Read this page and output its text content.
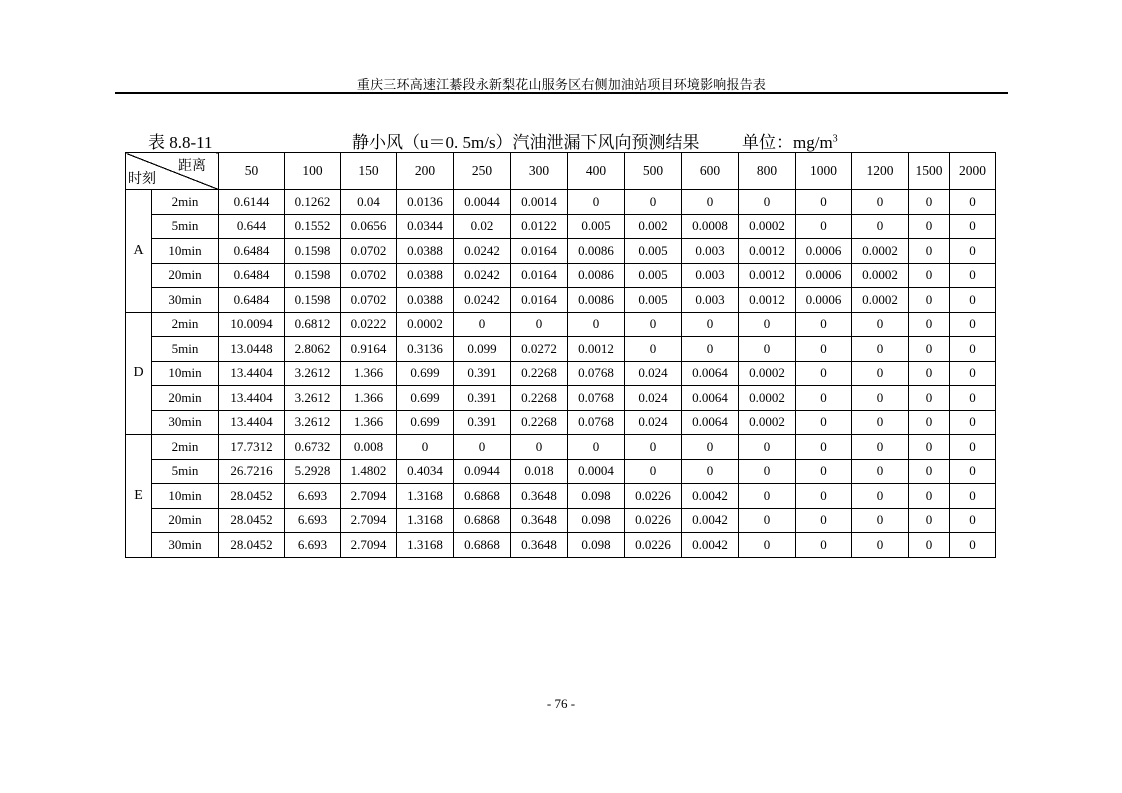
重庆三环高速江綦段永新梨花山服务区右侧加油站项目环境影响报告表
表 8.8-11	静小风（u＝0. 5m/s）汽油泄漏下风向预测结果 单位：$mg/m^3$
距离
时刻		50	100	150	200	250	300	400	500	600	800	1000	1200	1500	2000
A	2min	0.6144	0.1262	0.04	0.0136	0.0044	0.0014	0	0	0	0	0	0	0	0
	5min	0.644	0.1552	0.0656	0.0344	0.02	0.0122	0.005	0.002	0.0008	0.0002	0	0	0	0
	10min	0.6484	0.1598	0.0702	0.0388	0.0242	0.0164	0.0086	0.005	0.003	0.0012	0.0006	0.0002	0	0
	20min	0.6484	0.1598	0.0702	0.0388	0.0242	0.0164	0.0086	0.005	0.003	0.0012	0.0006	0.0002	0	0
	30min	0.6484	0.1598	0.0702	0.0388	0.0242	0.0164	0.0086	0.005	0.003	0.0012	0.0006	0.0002	0	0
D	2min	10.0094	0.6812	0.0222	0.0002	0	0	0	0	0	0	0	0	0	0
	5min	13.0448	2.8062	0.9164	0.3136	0.099	0.0272	0.0012	0	0	0	0	0	0	0
	10min	13.4404	3.2612	1.366	0.699	0.391	0.2268	0.0768	0.024	0.0064	0.0002	0	0	0	0
	20min	13.4404	3.2612	1.366	0.699	0.391	0.2268	0.0768	0.024	0.0064	0.0002	0	0	0	0
	30min	13.4404	3.2612	1.366	0.699	0.391	0.2268	0.0768	0.024	0.0064	0.0002	0	0	0	0
E	2min	17.7312	0.6732	0.008	0	0	0	0	0	0	0	0	0	0	0
	5min	26.7216	5.2928	1.4802	0.4034	0.0944	0.018	0.0004	0	0	0	0	0	0	0
	10min	28.0452	6.693	2.7094	1.3168	0.6868	0.3648	0.098	0.0226	0.0042	0	0	0	0	0
	20min	28.0452	6.693	2.7094	1.3168	0.6868	0.3648	0.098	0.0226	0.0042	0	0	0	0	0
	30min	28.0452	6.693	2.7094	1.3168	0.6868	0.3648	0.098	0.0226	0.0042	0	0	0	0	0
- 76 -
